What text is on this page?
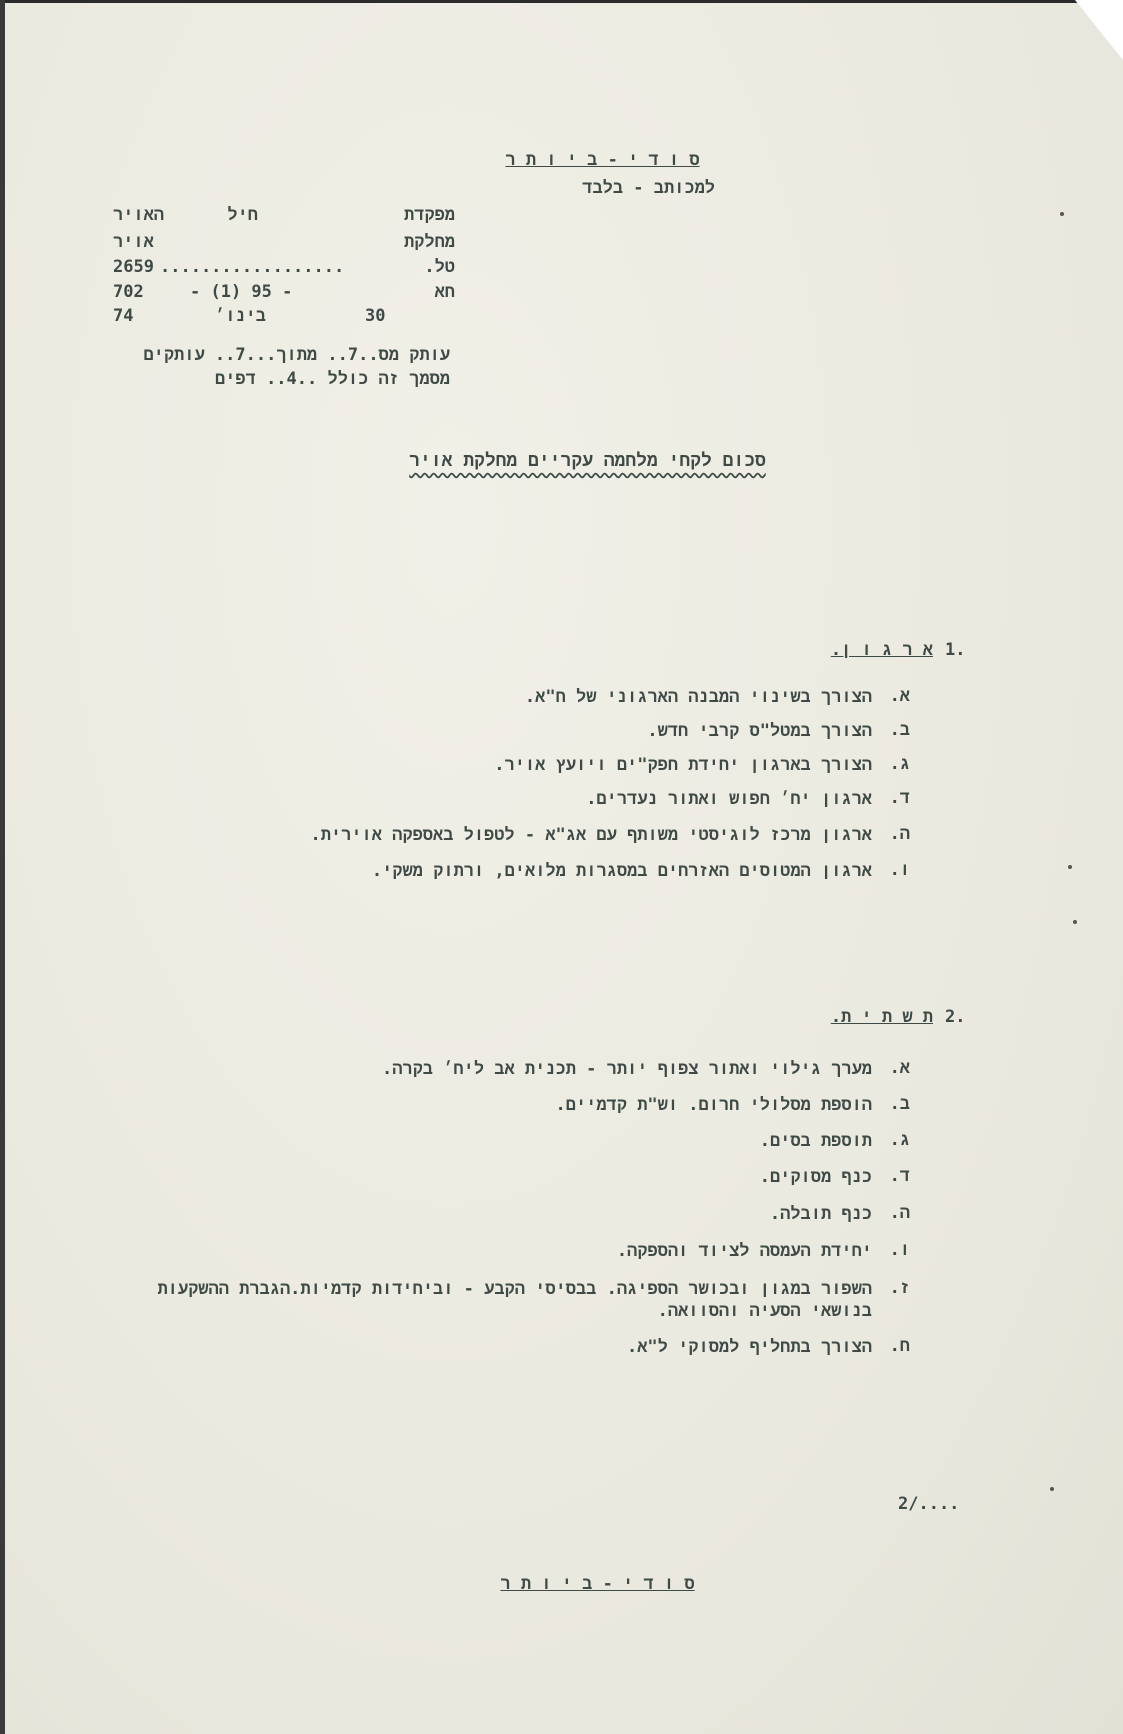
ס ו ד י - ב י ו ת ר
למכותב - בלבד
מפקדת
חיל
האויר
מחלקת
אויר
טל.
..................
2659
חא
- (1) 95 -
702
30
בינו׳
74
עותק מס..7.. מתוך...7.. עותקים
מסמך זה כולל ..4.. דפים
סכום לקחי מלחמה עקריים מחלקת אויר
1.
א ר ג ו ן.
א.
הצורך בשינוי המבנה הארגוני של ח"א.
ב.
הצורך במטל"ס קרבי חדש.
ג.
הצורך בארגון יחידת חפק"ים ויועץ אויר.
ד.
ארגון יח׳ חפוש ואתור נעדרים.
ה.
ארגון מרכז לוגיסטי משותף עם אג"א - לטפול באספקה אוירית.
ו.
ארגון המטוסים האזרחים במסגרות מלואים, ורתוק משקי.
2.
ת ש ת י ת.
א.
מערך גילוי ואתור צפוף יותר - תכנית אב ליח׳ בקרה.
ב.
הוספת מסלולי חרום. וש"ת קדמיים.
ג.
תוספת בסים.
ד.
כנף מסוקים.
ה.
כנף תובלה.
ו.
יחידת העמסה לציוד והספקה.
ז.
השפור במגון ובכושר הספיגה. בבסיסי הקבע - וביחידות קדמיות.הגברת ההשקעות בנושאי הסעיה והסוואה.
ח.
הצורך בתחליף למסוקי ל"א.
2/....
ס ו ד י - ב י ו ת ר
